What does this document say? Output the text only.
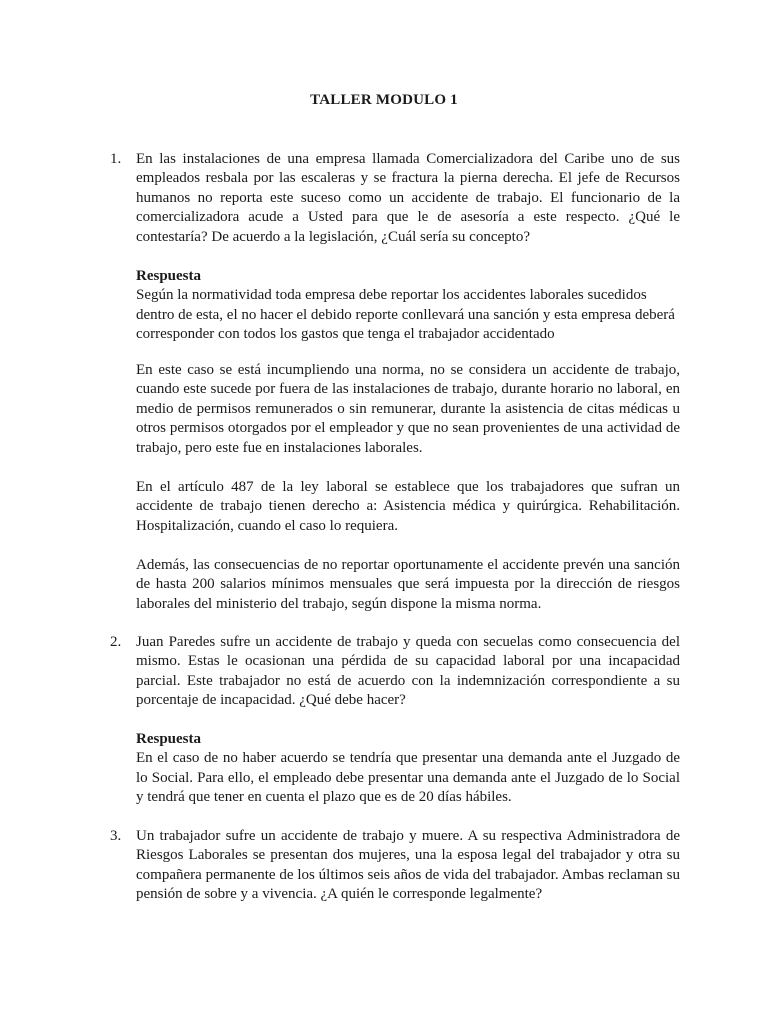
TALLER MODULO 1
1. En las instalaciones de una empresa llamada Comercializadora del Caribe uno de sus empleados resbala por las escaleras y se fractura la pierna derecha. El jefe de Recursos humanos no reporta este suceso como un accidente de trabajo. El funcionario de la comercializadora acude a Usted para que le de asesoría a este respecto. ¿Qué le contestaría? De acuerdo a la legislación, ¿Cuál sería su concepto?
Respuesta
Según la normatividad toda empresa debe reportar los accidentes laborales sucedidos dentro de esta, el no hacer el debido reporte conllevará una sanción y esta empresa deberá corresponder con todos los gastos que tenga el trabajador accidentado
En este caso se está incumpliendo una norma, no se considera un accidente de trabajo, cuando este sucede por fuera de las instalaciones de trabajo, durante horario no laboral, en medio de permisos remunerados o sin remunerar, durante la asistencia de citas médicas u otros permisos otorgados por el empleador y que no sean provenientes de una actividad de trabajo, pero este fue en instalaciones laborales.
En el artículo 487 de la ley laboral se establece que los trabajadores que sufran un accidente de trabajo tienen derecho a: Asistencia médica y quirúrgica. Rehabilitación. Hospitalización, cuando el caso lo requiera.
Además, las consecuencias de no reportar oportunamente el accidente prevén una sanción de hasta 200 salarios mínimos mensuales que será impuesta por la dirección de riesgos laborales del ministerio del trabajo, según dispone la misma norma.
2. Juan Paredes sufre un accidente de trabajo y queda con secuelas como consecuencia del mismo. Estas le ocasionan una pérdida de su capacidad laboral por una incapacidad parcial. Este trabajador no está de acuerdo con la indemnización correspondiente a su porcentaje de incapacidad. ¿Qué debe hacer?
Respuesta
En el caso de no haber acuerdo se tendría que presentar una demanda ante el Juzgado de lo Social. Para ello, el empleado debe presentar una demanda ante el Juzgado de lo Social y tendrá que tener en cuenta el plazo que es de 20 días hábiles.
3. Un trabajador sufre un accidente de trabajo y muere. A su respectiva Administradora de Riesgos Laborales se presentan dos mujeres, una la esposa legal del trabajador y otra su compañera permanente de los últimos seis años de vida del trabajador. Ambas reclaman su pensión de sobre y a vivencia. ¿A quién le corresponde legalmente?
